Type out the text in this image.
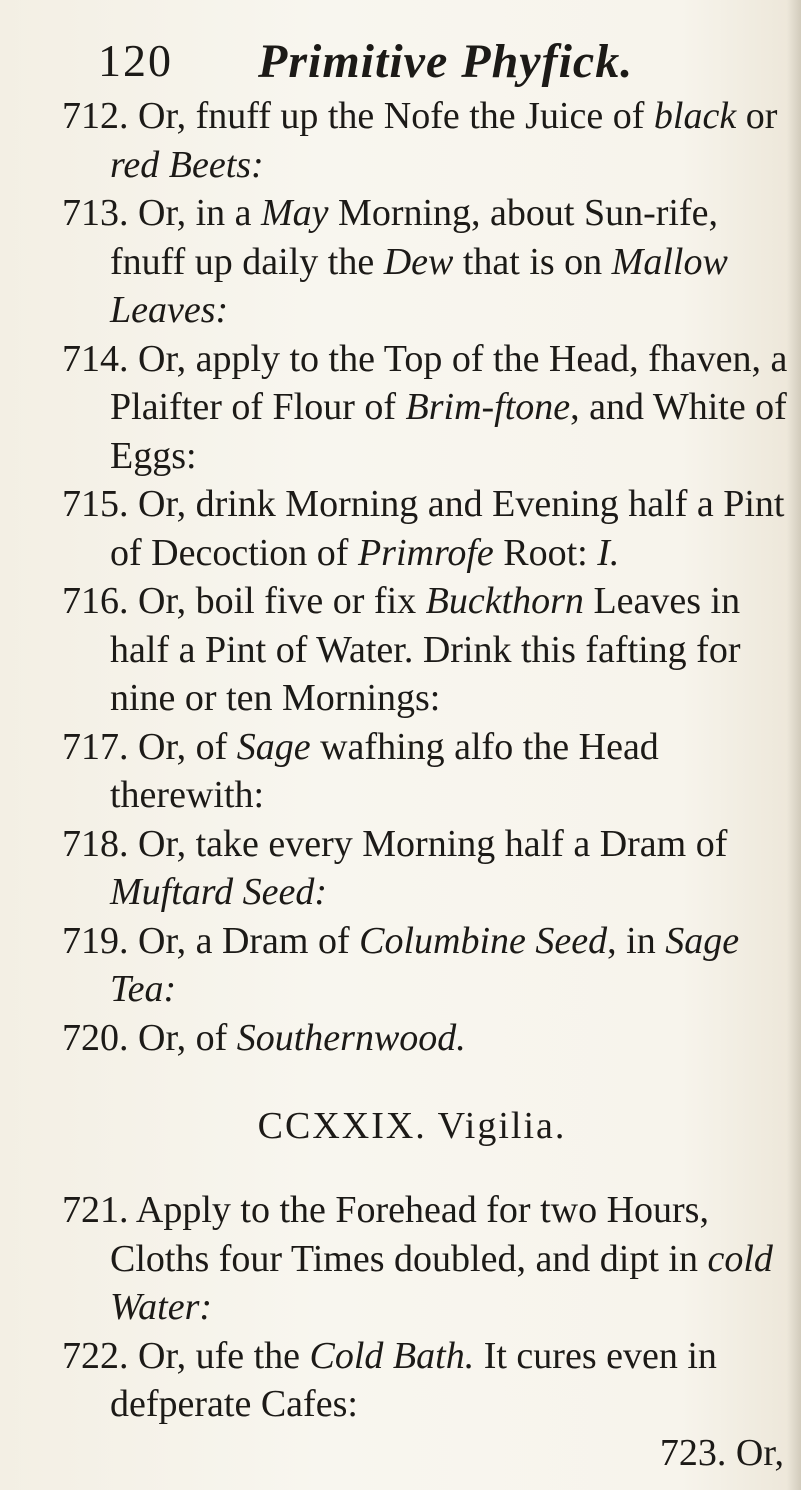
120 Primitive Phyfick.
712. Or, fnuff up the Nofe the Juice of black or red Beets:
713. Or, in a May Morning, about Sun-rife, fnuff up daily the Dew that is on Mallow Leaves:
714. Or, apply to the Top of the Head, fhaven, a Plaifter of Flour of Brim-ftone, and White of Eggs:
715. Or, drink Morning and Evening half a Pint of Decoction of Primrofe Root: I.
716. Or, boil five or fix Buckthorn Leaves in half a Pint of Water. Drink this fafting for nine or ten Mornings:
717. Or, of Sage wafhing alfo the Head therewith:
718. Or, take every Morning half a Dram of Muftard Seed:
719. Or, a Dram of Columbine Seed, in Sage Tea:
720. Or, of Southernwood.
CCXXIX. Vigilia.
721. Apply to the Forehead for two Hours, Cloths four Times doubled, and dipt in cold Water:
722. Or, ufe the Cold Bath. It cures even in defperate Cafes:
723. Or,
